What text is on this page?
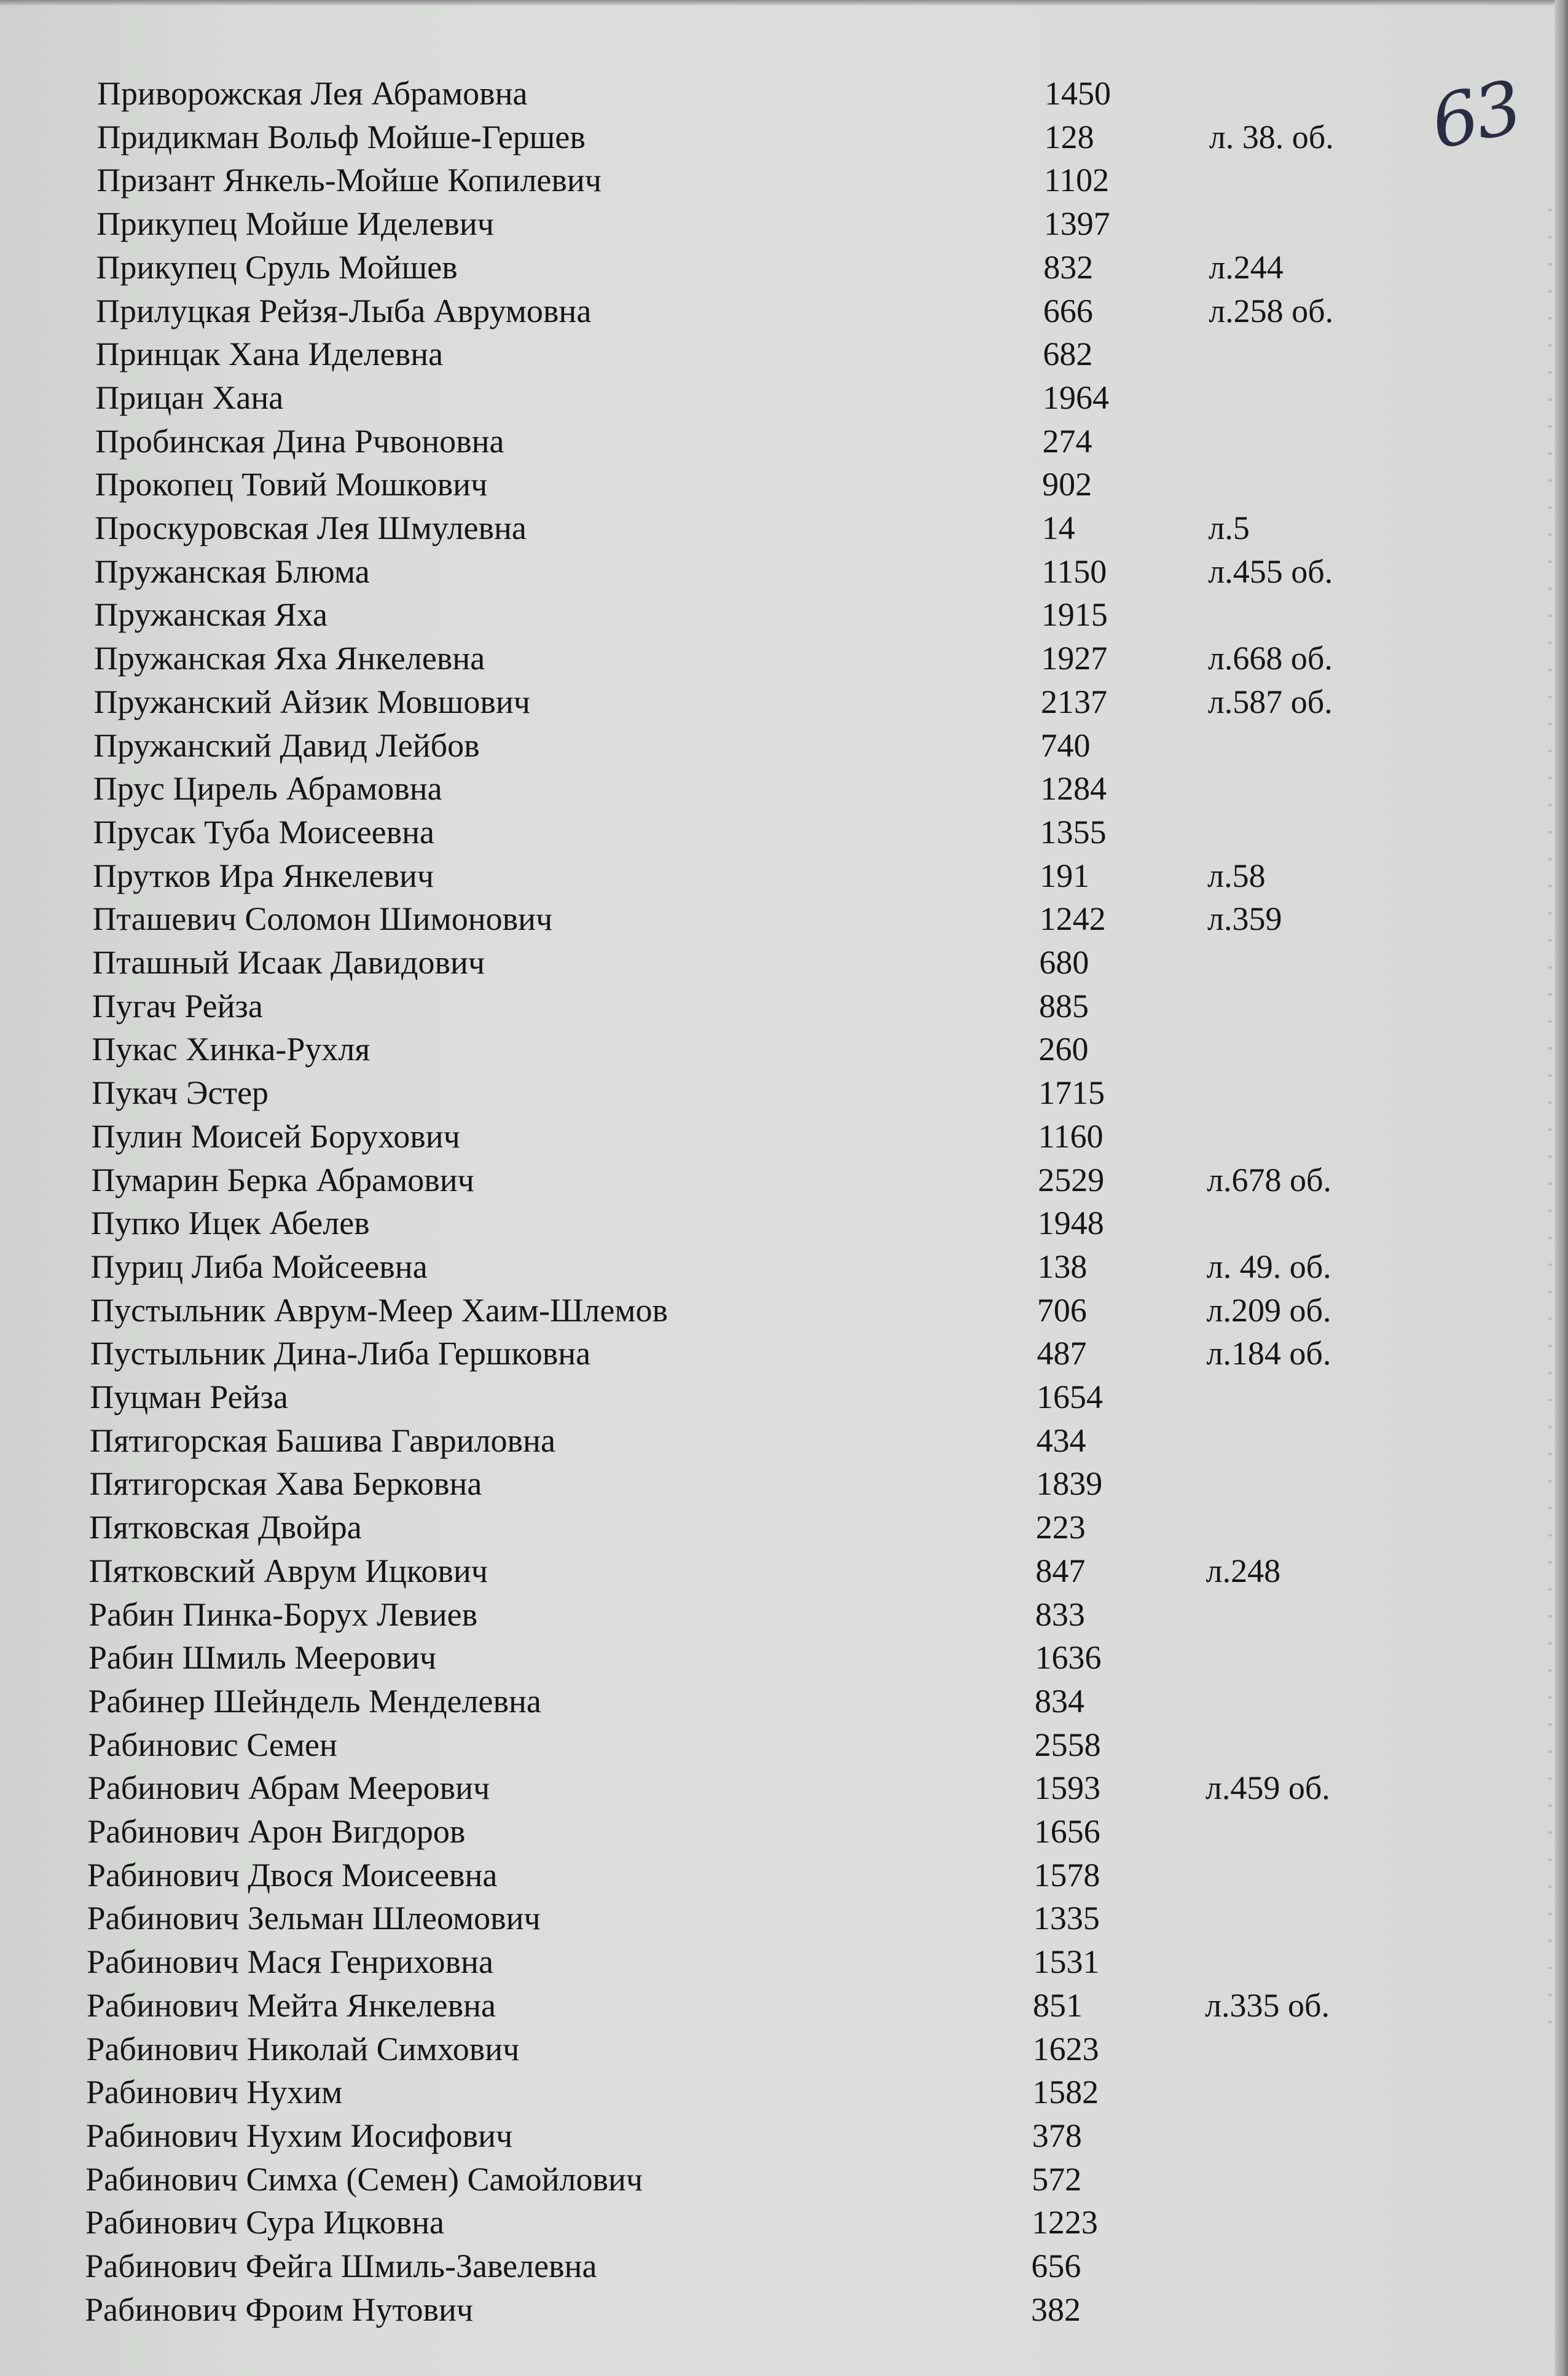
63
Приворожская Лея Абрамовна	1450
Придикман Вольф Мойше-Гершев	128	л. 38. об.
Призант Янкель-Мойше Копилевич	1102
Прикупец Мойше Иделевич	1397
Прикупец Сруль Мойшев	832	л.244
Прилуцкая Рейзя-Лыба Аврумовна	666	л.258 об.
Принцак Хана Иделевна	682
Прицан Хана	1964
Пробинская Дина Рчвоновна	274
Прокопец Товий Мошкович	902
Проскуровская Лея Шмулевна	14	л.5
Пружанская Блюма	1150	л.455 об.
Пружанская Яха	1915
Пружанская Яха Янкелевна	1927	л.668 об.
Пружанский Айзик Мовшович	2137	л.587 об.
Пружанский Давид Лейбов	740
Прус Цирель Абрамовна	1284
Прусак Туба Моисеевна	1355
Прутков Ира Янкелевич	191	л.58
Пташевич Соломон Шимонович	1242	л.359
Пташный Исаак Давидович	680
Пугач Рейза	885
Пукас Хинка-Рухля	260
Пукач Эстер	1715
Пулин Моисей Борухович	1160
Пумарин Берка Абрамович	2529	л.678 об.
Пупко Ицек Абелев	1948
Пуриц Либа Мойсеевна	138	л. 49. об.
Пустыльник Аврум-Меер Хаим-Шлемов	706	л.209 об.
Пустыльник Дина-Либа Гершковна	487	л.184 об.
Пуцман Рейза	1654
Пятигорская Башива Гавриловна	434
Пятигорская Хава Берковна	1839
Пятковская Двойра	223
Пятковский Аврум Ицкович	847	л.248
Рабин Пинка-Борух Левиев	833
Рабин Шмиль Меерович	1636
Рабинер Шейндель Менделевна	834
Рабиновис Семен	2558
Рабинович Абрам Меерович	1593	л.459 об.
Рабинович Арон Вигдоров	1656
Рабинович Двося Моисеевна	1578
Рабинович Зельман Шлеомович	1335
Рабинович Мася Генриховна	1531
Рабинович Мейта Янкелевна	851	л.335 об.
Рабинович Николай Симхович	1623
Рабинович Нухим	1582
Рабинович Нухим Иосифович	378
Рабинович Симха (Семен) Самойлович	572
Рабинович Сура Ицковна	1223
Рабинович Фейга Шмиль-Завелевна	656
Рабинович Фроим Нутович	382
